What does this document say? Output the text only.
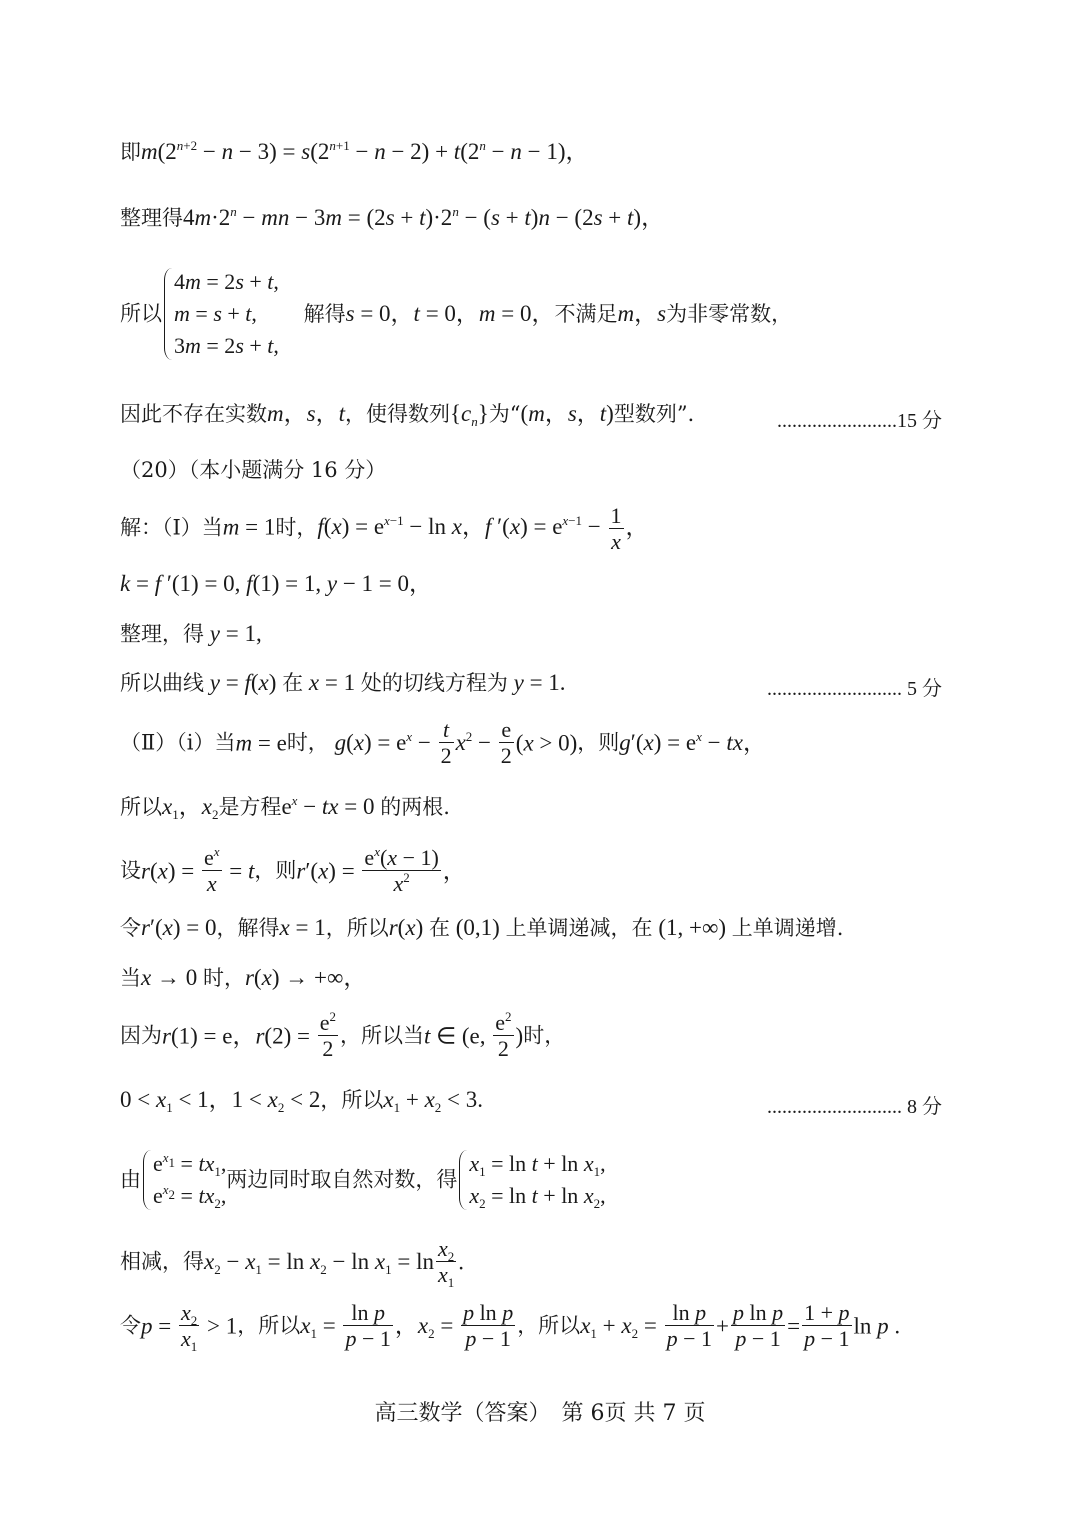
即$m(2^{n+2} - n - 3) = s(2^{n+1} - n - 2) + t(2^n - n - 1)$，
整理得$4m\cdot 2^n$ − mn − $3m = (2s + t)\cdot 2^n - (s + t)n - (2s + t)$，
所以
4m = 2s + t,
m = s + t,
3m = 2s + t,
解得s = 0，t = 0，m = 0，不满足m，s为非零常数，
因此不存在实数m，s，t，使得数列$\{c_n\}$为“(m，s，t)型数列”．	........................15 分
（20）（本小题满分 16 分）
解：（Ⅰ）当m = 1时，$f(x) = e^{x-1} - \ln x$，f $'(x) = e^{x-1} - \frac{1}{x}$ ，
k = f ′(1) = 0, f(1) = 1, y − 1 = 0，
整理，得 y = 1,
所以曲线 y = f(x) 在 x = 1 处的切线方程为 y = 1.	........................... 5 分
（Ⅱ）（ⅰ）当m = e时， $g(x) = e^x - \frac{t}{2} x^2 - \frac{e}{2} (x > 0)$，则$g'(x) = e^x$ − tx，
所以$x_1$，$x_2$是方程$e^x$ − tx = 0 的两根.
设$r(x) = \frac{e^x}{x} = t$，则$r'(x) = \frac{e^x(x - 1)}{x^2}$ ，
令r′(x) = 0，解得x = 1，所以r(x) 在 (0,1) 上单调递减，在 (1, +∞) 上单调递增.
当x → 0 时，r(x) → +∞，
因为r(1) = e，$r(2) = \frac{e^2}{2}$ ，所以当t ∈ (e, $\frac{e^2}{2}$ )时，
$0 < x_1 < 1$，$1 < x_2 < 2$，所以$x_1 + x_2 < 3$.	........................... 8 分
由
$e^{x_1} = tx_1$,
$e^{x_2} = tx_2$,
两边同时取自然对数，得
$x_1 = \ln t + \ln x_1$,
$x_2 = \ln t + \ln x_2$,
相减，得$x_2 - x_1 = \ln x_2 - \ln x_1 = \ln \frac{x_2}{x_1}$ .
令$p = \frac{x_2}{x_1} > 1$，所以$x_1 = \frac{\text{ln p}}{p - 1}$ ，$x_2 = \frac{\text{p ln p}}{p - 1}$ ，所以$x_1 + x_2 = \frac{\text{ln p}}{p - 1} + \frac{\text{p ln p}}{p - 1} = \frac{1 + p}{p - 1}$ ln p .
高三数学（答案）　第 6页 共 7 页
